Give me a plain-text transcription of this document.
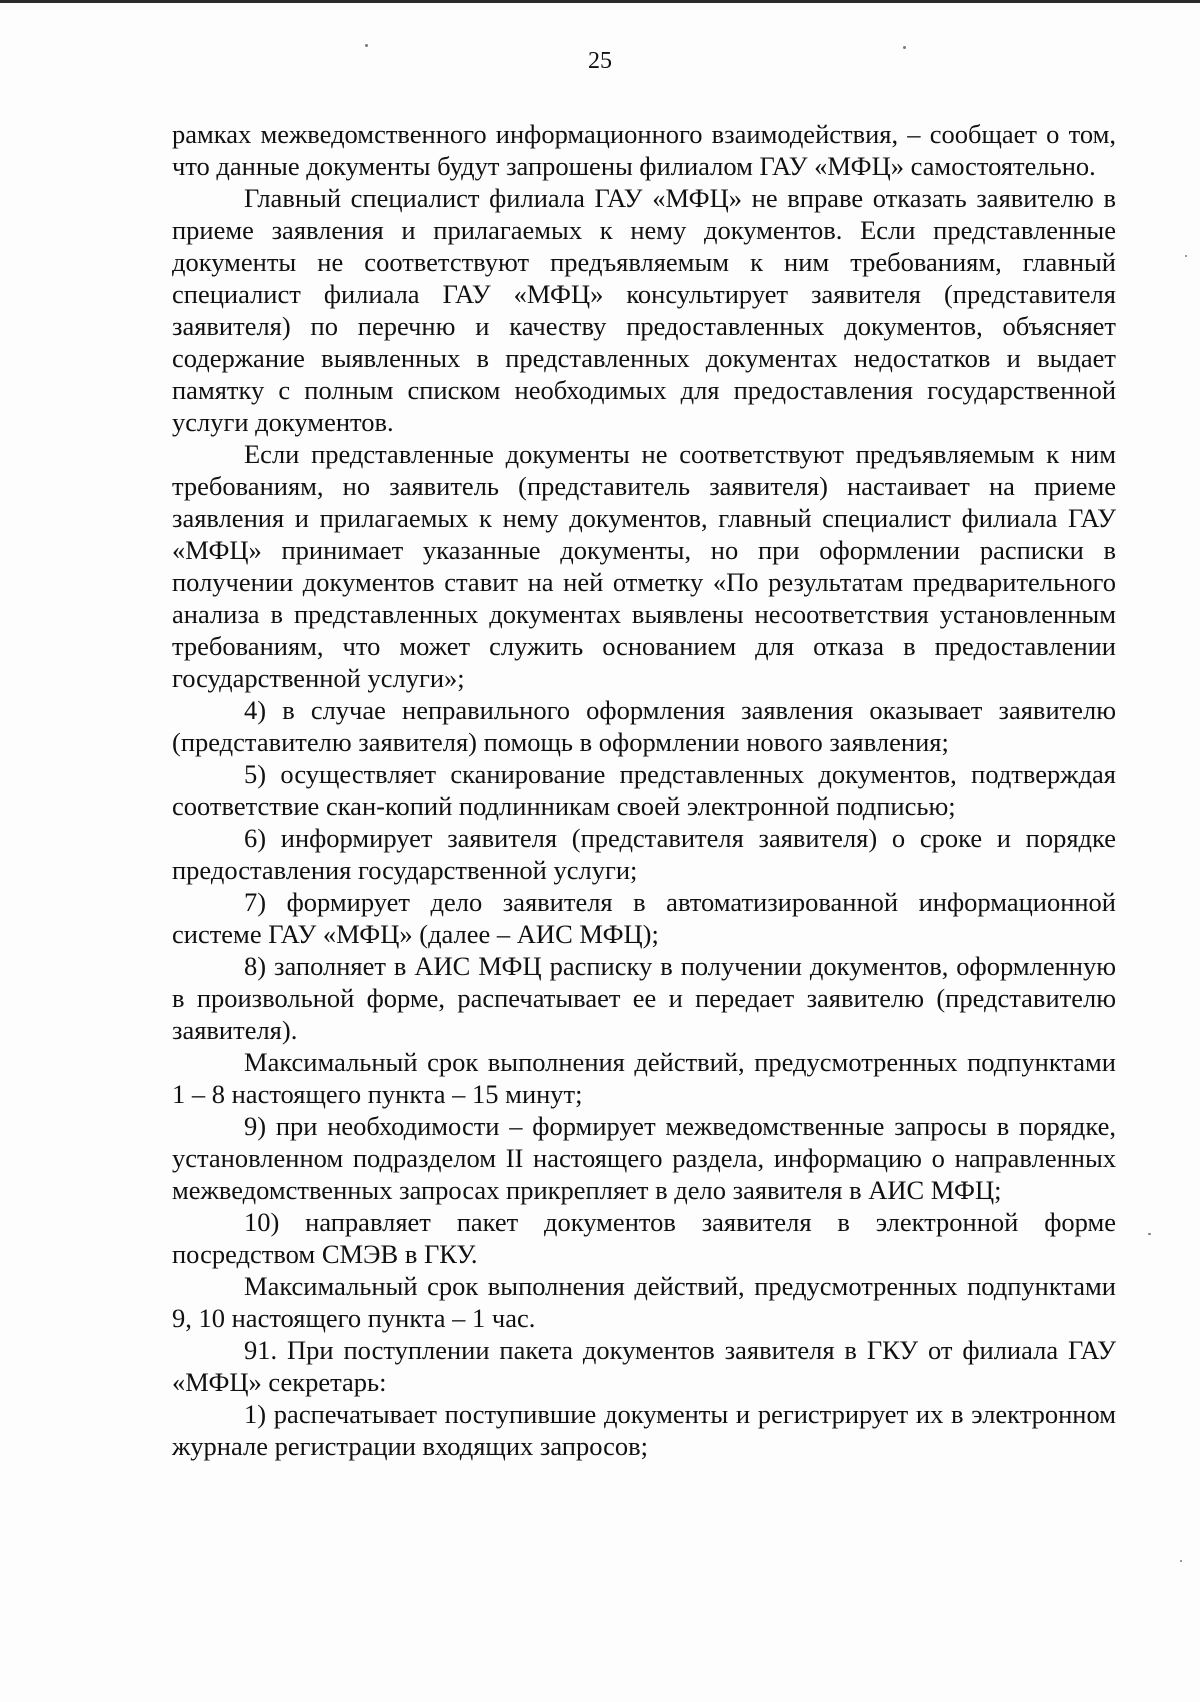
25

рамках межведомственного информационного взаимодействия, – сообщает о том, что данные документы будут запрошены филиалом ГАУ «МФЦ» самостоятельно.

Главный специалист филиала ГАУ «МФЦ» не вправе отказать заявителю в приеме заявления и прилагаемых к нему документов. Если представленные документы не соответствуют предъявляемым к ним требованиям, главный специалист филиала ГАУ «МФЦ» консультирует заявителя (представителя заявителя) по перечню и качеству предоставленных документов, объясняет содержание выявленных в представленных документах недостатков и выдает памятку с полным списком необходимых для предоставления государственной услуги документов.

Если представленные документы не соответствуют предъявляемым к ним требованиям, но заявитель (представитель заявителя) настаивает на приеме заявления и прилагаемых к нему документов, главный специалист филиала ГАУ «МФЦ» принимает указанные документы, но при оформлении расписки в получении документов ставит на ней отметку «По результатам предварительного анализа в представленных документах выявлены несоответствия установленным требованиям, что может служить основанием для отказа в предоставлении государственной услуги»;

4) в случае неправильного оформления заявления оказывает заявителю (представителю заявителя) помощь в оформлении нового заявления;

5) осуществляет сканирование представленных документов, подтверждая соответствие скан-копий подлинникам своей электронной подписью;

6) информирует заявителя (представителя заявителя) о сроке и порядке предоставления государственной услуги;

7) формирует дело заявителя в автоматизированной информационной системе ГАУ «МФЦ» (далее – АИС МФЦ);

8) заполняет в АИС МФЦ расписку в получении документов, оформленную в произвольной форме, распечатывает ее и передает заявителю (представителю заявителя).

Максимальный срок выполнения действий, предусмотренных подпунктами 1 – 8 настоящего пункта – 15 минут;

9) при необходимости – формирует межведомственные запросы в порядке, установленном подразделом II настоящего раздела, информацию о направленных межведомственных запросах прикрепляет в дело заявителя в АИС МФЦ;

10) направляет пакет документов заявителя в электронной форме посредством СМЭВ в ГКУ.

Максимальный срок выполнения действий, предусмотренных подпунктами 9, 10 настоящего пункта – 1 час.

91. При поступлении пакета документов заявителя в ГКУ от филиала ГАУ «МФЦ» секретарь:

1) распечатывает поступившие документы и регистрирует их в электронном журнале регистрации входящих запросов;
